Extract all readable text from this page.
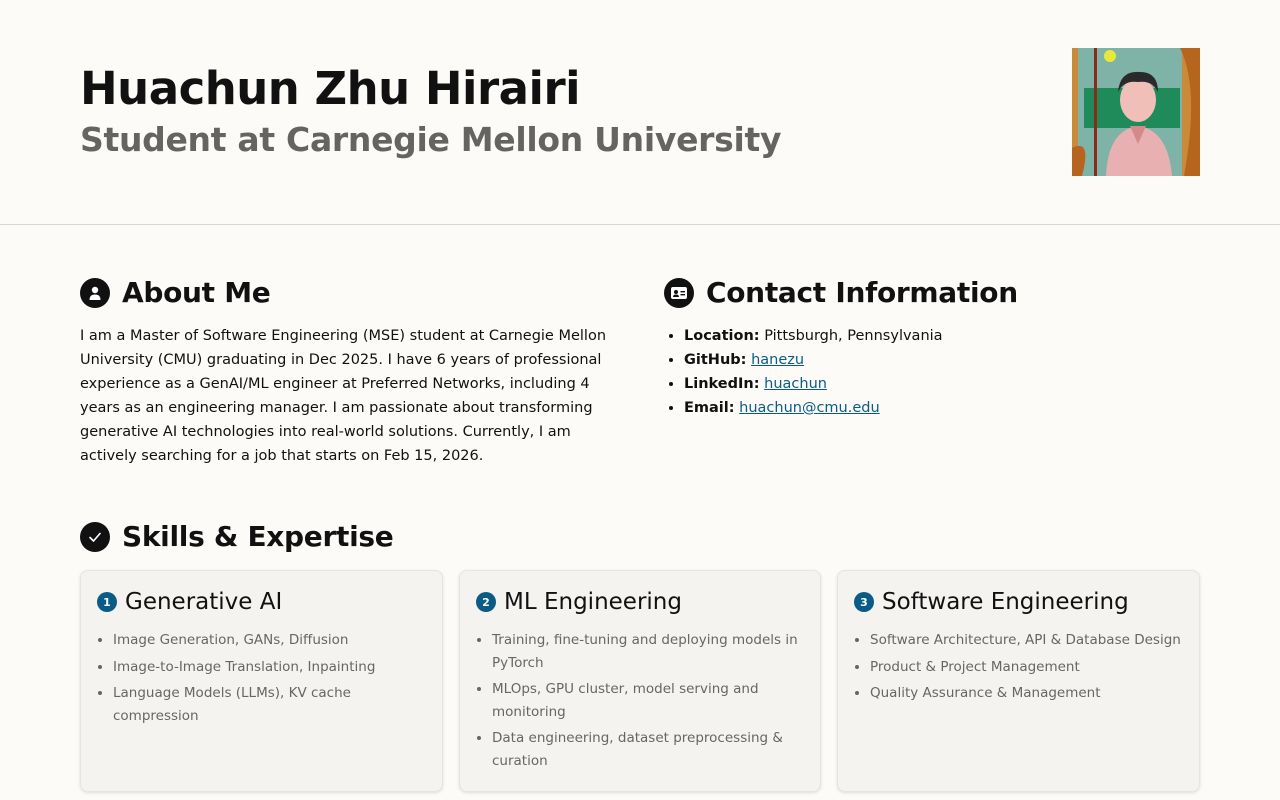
Huachun Zhu Hirairi
Student at Carnegie Mellon University
About Me

I am a Master of Software Engineering (MSE) student at Carnegie Mellon University (CMU) graduating in Dec 2025. I have 6 years of professional experience as a GenAI/ML engineer at Preferred Networks, including 4 years as an engineering manager. I am passionate about transforming generative AI technologies into real-world solutions. Currently, I am actively searching for a job that starts on Feb 15, 2026.

Contact Information
• Location: Pittsburgh, Pennsylvania
• GitHub: hanezu
• LinkedIn: huachun
• Email: huachun@cmu.edu
Skills & Expertise
1 Generative AI
• Image Generation, GANs, Diffusion
• Image-to-Image Translation, Inpainting
• Language Models (LLMs), KV cache compression
2 ML Engineering
• Training, fine-tuning and deploying models in PyTorch
• MLOps, GPU cluster, model serving and monitoring
• Data engineering, dataset preprocessing & curation
3 Software Engineering
• Software Architecture, API & Database Design
• Product & Project Management
• Quality Assurance & Management
